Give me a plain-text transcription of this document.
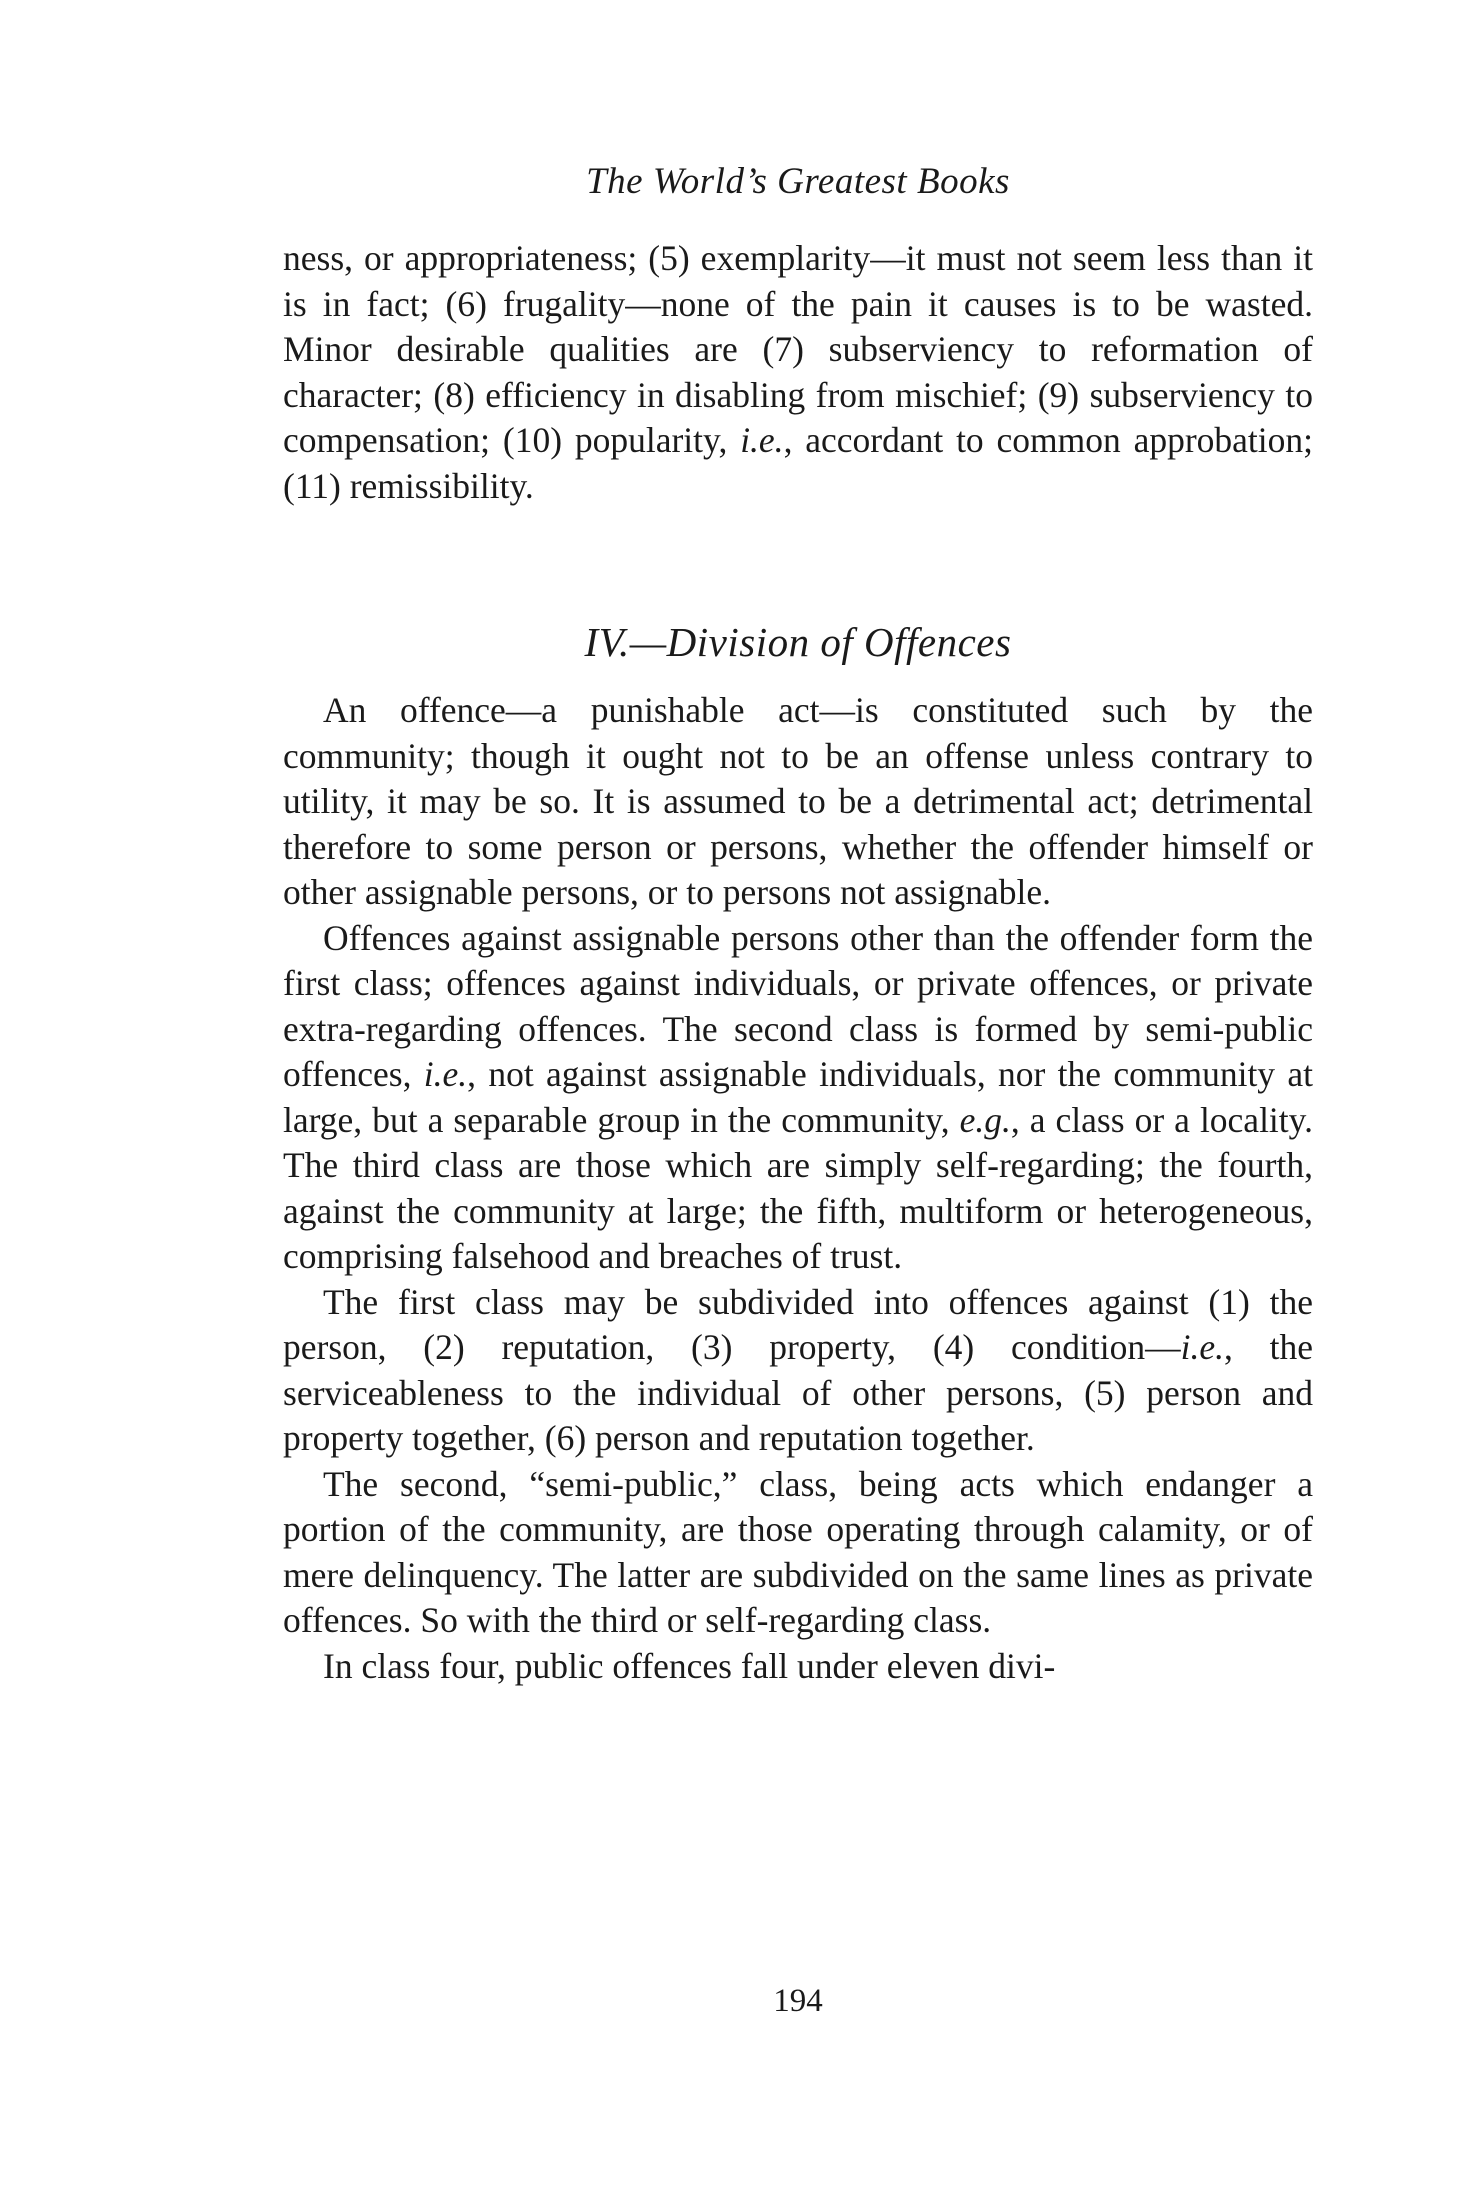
The World’s Greatest Books

ness, or appropriateness; (5) exemplarity—it must not seem less than it is in fact; (6) frugality—none of the pain it causes is to be wasted. Minor desirable qualities are (7) subserviency to reformation of character; (8) efficiency in disabling from mischief; (9) subserviency to compensation; (10) popularity, i.e., accordant to common approbation; (11) remissibility.

IV.—Division of Offences

An offence—a punishable act—is constituted such by the community; though it ought not to be an offense unless contrary to utility, it may be so. It is assumed to be a detrimental act; detrimental therefore to some person or persons, whether the offender himself or other assignable persons, or to persons not assignable.

Offences against assignable persons other than the offender form the first class; offences against individuals, or private offences, or private extra-regarding offences. The second class is formed by semi-public offences, i.e., not against assignable individuals, nor the community at large, but a separable group in the community, e.g., a class or a locality. The third class are those which are simply self-regarding; the fourth, against the community at large; the fifth, multiform or heterogeneous, comprising falsehood and breaches of trust.

The first class may be subdivided into offences against (1) the person, (2) reputation, (3) property, (4) condition—i.e., the serviceableness to the individual of other persons, (5) person and property together, (6) person and reputation together.

The second, “semi-public,” class, being acts which endanger a portion of the community, are those operating through calamity, or of mere delinquency. The latter are subdivided on the same lines as private offences. So with the third or self-regarding class.

In class four, public offences fall under eleven divi-

194
